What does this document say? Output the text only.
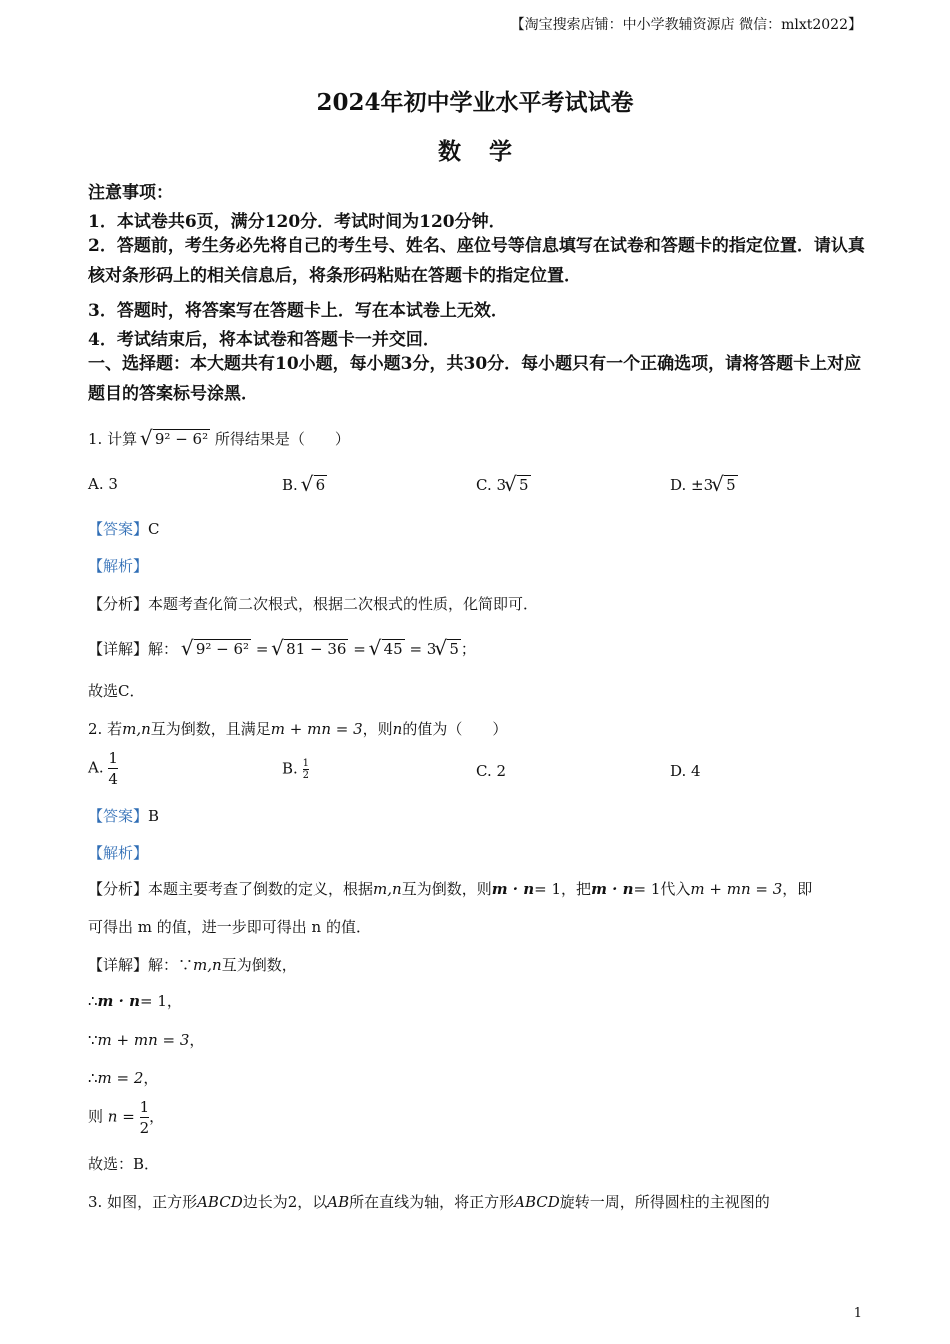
【淘宝搜索店铺：中小学教辅资源店 微信：mlxt2022】
2024年初中学业水平考试试卷
数学
注意事项：
1．本试卷共6页，满分120分．考试时间为120分钟．
2．答题前，考生务必先将自己的考生号、姓名、座位号等信息填写在试卷和答题卡的指定位置．请认真核对条形码上的相关信息后，将条形码粘贴在答题卡的指定位置．
3．答题时，将答案写在答题卡上．写在本试卷上无效．
4．考试结束后，将本试卷和答题卡一并交回．
一、选择题：本大题共有10小题，每小题3分，共30分．每小题只有一个正确选项，请将答题卡上对应题目的答案标号涂黑．
1. 计算 √ 9² − 6² 所得结果是（　　）
A. 3	B. √ 6	C. 3 √ 5	D. ±3 √ 5
【答案】C
【解析】
【分析】本题考查化简二次根式，根据二次根式的性质，化简即可．
【详解】解： √ 9² − 6² = √ 81 − 36 = √ 45 = 3 √ 5 ；
故选C．
2. 若m,n互为倒数，且满足m + mn = 3，则n的值为（　　）
A. $\frac{1}{4}$	B. $\frac{1}{2}$	C. 2	D. 4
【答案】B
【解析】
【分析】本题主要考查了倒数的定义，根据m,n互为倒数，则m · n= 1，把m · n= 1代入m + mn = 3，即
可得出 m 的值，进一步即可得出 n 的值．
【详解】解：∵m,n互为倒数，
∴m · n= 1，
∵m + mn = 3，
∴m = 2，
则 $n = \frac{1}{2}$ ，
故选：B．
3. 如图，正方形ABCD边长为2，以AB所在直线为轴，将正方形ABCD旋转一周，所得圆柱的主视图的
1
